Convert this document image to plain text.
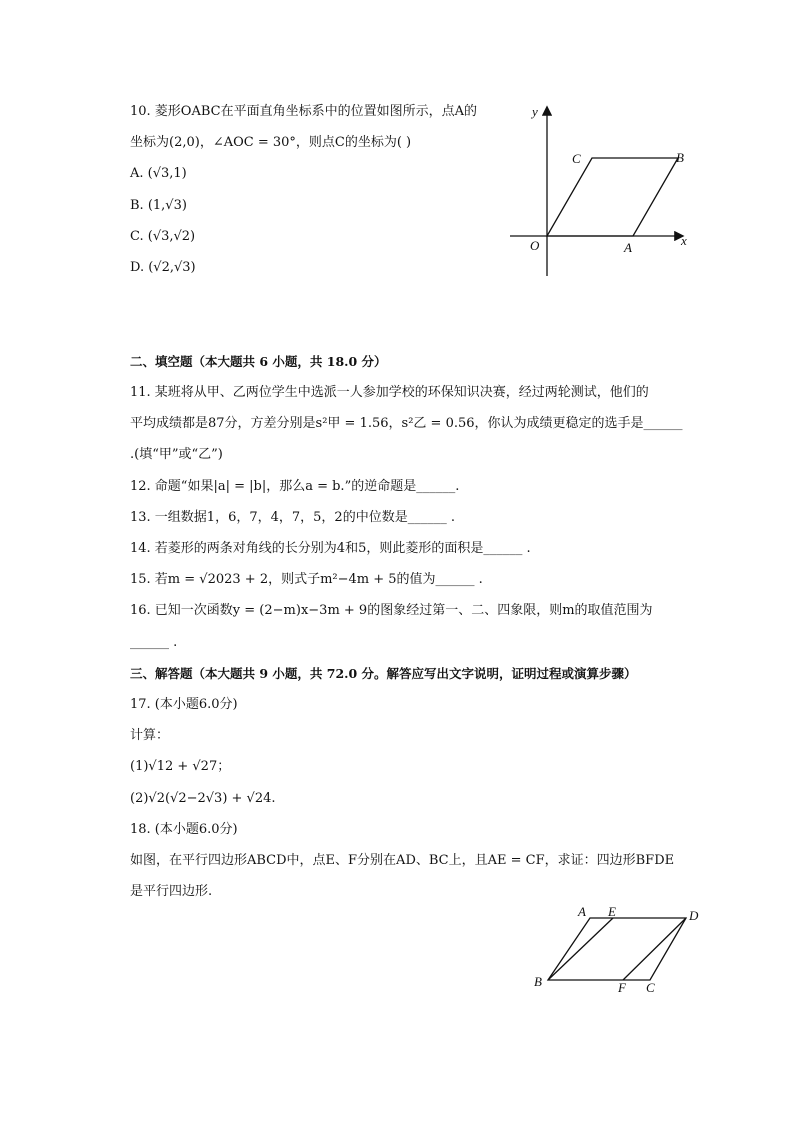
10. 菱形OABC在平面直角坐标系中的位置如图所示，点A的
坐标为(2,0)，∠AOC = 30°，则点C的坐标为( )
A. (√3,1)
B. (1,√3)
C. (√3,√2)
D. (√2,√3)
y
x
O	A
B
C
二、填空题（本大题共 6 小题，共 18.0 分）
11. 某班将从甲、乙两位学生中选派一人参加学校的环保知识决赛，经过两轮测试，他们的
平均成绩都是87分，方差分别是s²甲 = 1.56，s²乙 = 0.56，你认为成绩更稳定的选手是______
.(填“甲”或“乙”)
12. 命题“如果|a| = |b|，那么a = b.”的逆命题是______.
13. 一组数据1，6，7，4，7，5，2的中位数是______ .
14. 若菱形的两条对角线的长分别为4和5，则此菱形的面积是______ .
15. 若m = √2023 + 2，则式子m²−4m + 5的值为______ .
16. 已知一次函数y = (2−m)x−3m + 9的图象经过第一、二、四象限，则m的取值范围为
______ .
三、解答题（本大题共 9 小题，共 72.0 分。解答应写出文字说明，证明过程或演算步骤）
17. (本小题6.0分)
计算：
(1)√12 + √27；
(2)√2(√2−2√3) + √24.
18. (本小题6.0分)
如图，在平行四边形ABCD中，点E、F分别在AD、BC上，且AE = CF，求证：四边形BFDE
是平行四边形.
A E	D
B	F C
